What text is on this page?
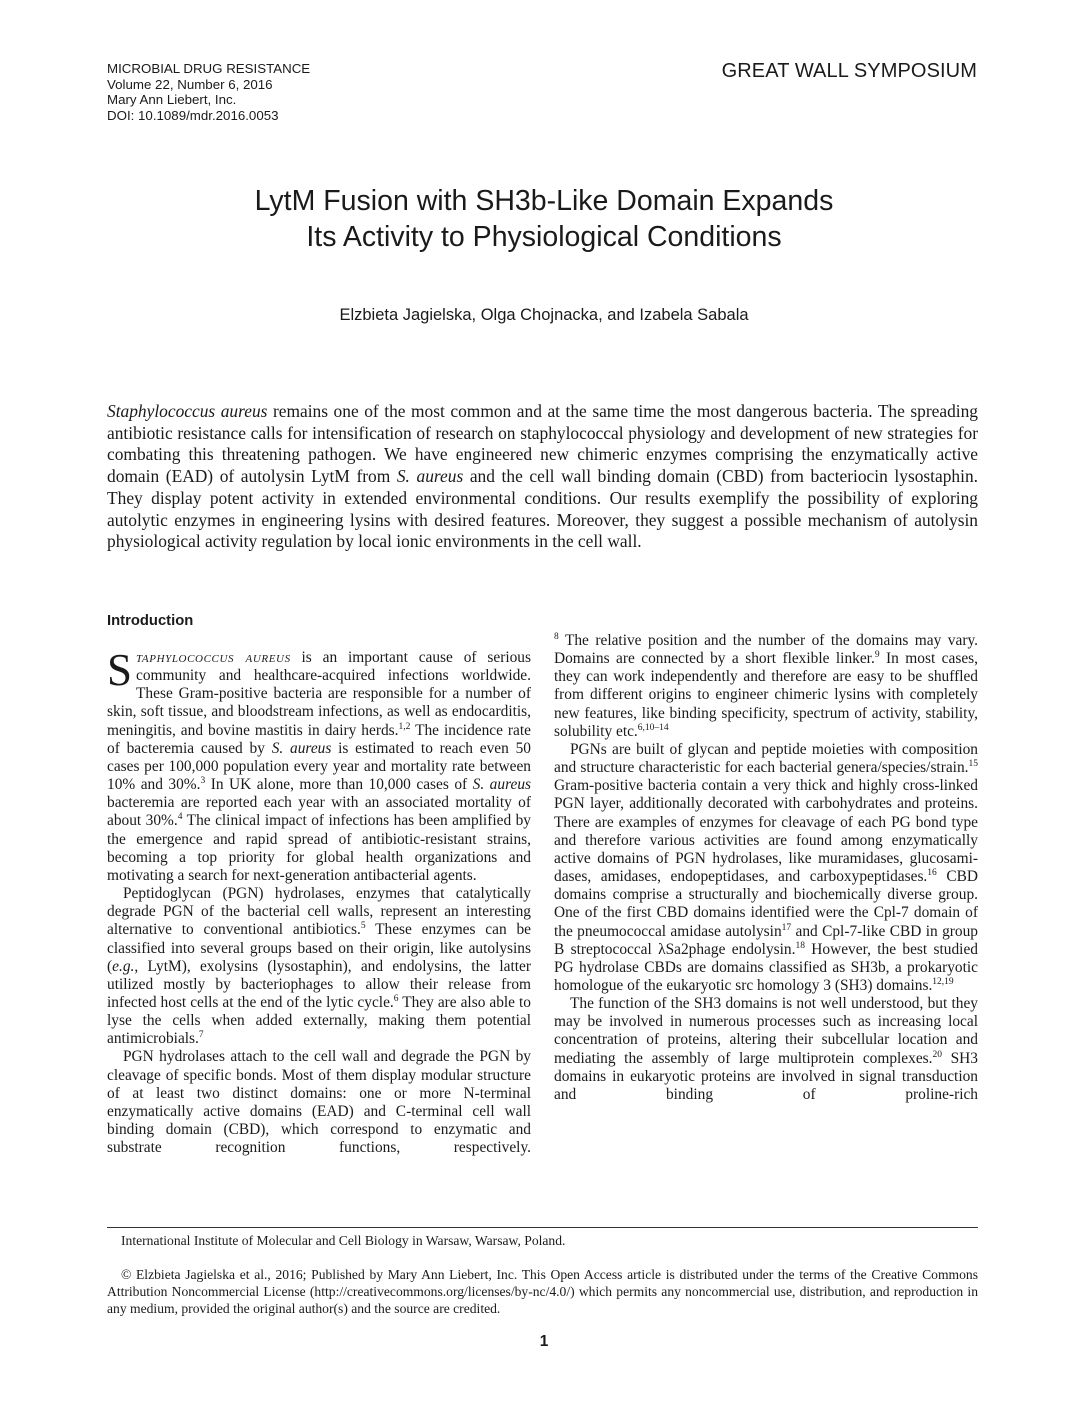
MICROBIAL DRUG RESISTANCE
Volume 22, Number 6, 2016
Mary Ann Liebert, Inc.
DOI: 10.1089/mdr.2016.0053
GREAT WALL SYMPOSIUM
LytM Fusion with SH3b-Like Domain Expands
Its Activity to Physiological Conditions
Elzbieta Jagielska, Olga Chojnacka, and Izabela Sabala
Staphylococcus aureus remains one of the most common and at the same time the most dangerous bacteria. The spreading antibiotic resistance calls for intensification of research on staphylococcal physiology and development of new strategies for combating this threatening pathogen. We have engineered new chimeric enzymes comprising the enzymatically active domain (EAD) of autolysin LytM from S. aureus and the cell wall binding domain (CBD) from bacteriocin lysostaphin. They display potent activity in extended environmental conditions. Our results exemplify the possibility of exploring autolytic enzymes in engineering lysins with desired features. Moreover, they suggest a possible mechanism of autolysin physiological activity regulation by local ionic environments in the cell wall.
Introduction

Staphylococcus aureus is an important cause of serious community and healthcare-acquired infections worldwide. These Gram-positive bacteria are responsible for a number of skin, soft tissue, and bloodstream infections, as well as endocarditis, meningitis, and bovine mastitis in dairy herds.$^{1,2}$ The incidence rate of bacteremia caused by S. aureus is estimated to reach even 50 cases per 100,000 population every year and mortality rate between 10% and 30%.$^3$ In UK alone, more than 10,000 cases of S. aureus bacteremia are reported each year with an associated mortality of about 30%.$^4$ The clinical impact of infections has been amplified by the emergence and rapid spread of antibiotic-resistant strains, becoming a top priority for global health organizations and motivating a search for next-generation antibacterial agents.

Peptidoglycan (PGN) hydrolases, enzymes that catalytically degrade PGN of the bacterial cell walls, represent an interesting alternative to conventional antibiotics.$^5$ These enzymes can be classified into several groups based on their origin, like autolysins (e.g., LytM), exolysins (lysostaphin), and endolysins, the latter utilized mostly by bacteriophages to allow their release from infected host cells at the end of the lytic cycle.$^6$ They are also able to lyse the cells when added externally, making them potential antimicrobials.$^7$

PGN hydrolases attach to the cell wall and degrade the PGN by cleavage of specific bonds. Most of them display modular structure of at least two distinct domains: one or more N-terminal enzymatically active domains (EAD) and C-terminal cell wall binding domain (CBD), which correspond to enzymatic and substrate recognition functions, respectively.

$^8$ The relative position and the number of the domains may vary. Domains are connected by a short flexible linker.$^9$ In most cases, they can work independently and therefore are easy to be shuffled from different origins to engineer chimeric lysins with completely new features, like binding specificity, spectrum of activity, stability, solubility etc.$^{6,10-14}$

PGNs are built of glycan and peptide moieties with composition and structure characteristic for each bacterial genera/species/strain.$^{15}$ Gram-positive bacteria contain a very thick and highly cross-linked PGN layer, additionally decorated with carbohydrates and proteins. There are examples of enzymes for cleavage of each PG bond type and therefore various activities are found among enzymatically active domains of PGN hydrolases, like muramidases, glucosamidases, amidases, endopeptidases, and carboxypeptidases.$^{16}$ CBD domains comprise a structurally and biochemically diverse group. One of the first CBD domains identified were the Cpl-7 domain of the pneumococcal amidase autolysin$^{17}$ and Cpl-7-like CBD in group B streptococcal λSa2phage endolysin.$^{18}$ However, the best studied PG hydrolase CBDs are domains classified as SH3b, a prokaryotic homologue of the eukaryotic src homology 3 (SH3) domains.$^{12,19}$

The function of the SH3 domains is not well understood, but they may be involved in numerous processes such as increasing local concentration of proteins, altering their subcellular location and mediating the assembly of large multiprotein complexes.$^{20}$ SH3 domains in eukaryotic proteins are involved in signal transduction and binding of proline-rich

International Institute of Molecular and Cell Biology in Warsaw, Warsaw, Poland.
© Elzbieta Jagielska et al., 2016; Published by Mary Ann Liebert, Inc. This Open Access article is distributed under the terms of the Creative Commons Attribution Noncommercial License (http://creativecommons.org/licenses/by-nc/4.0/) which permits any noncommercial use, distribution, and reproduction in any medium, provided the original author(s) and the source are credited.
1
